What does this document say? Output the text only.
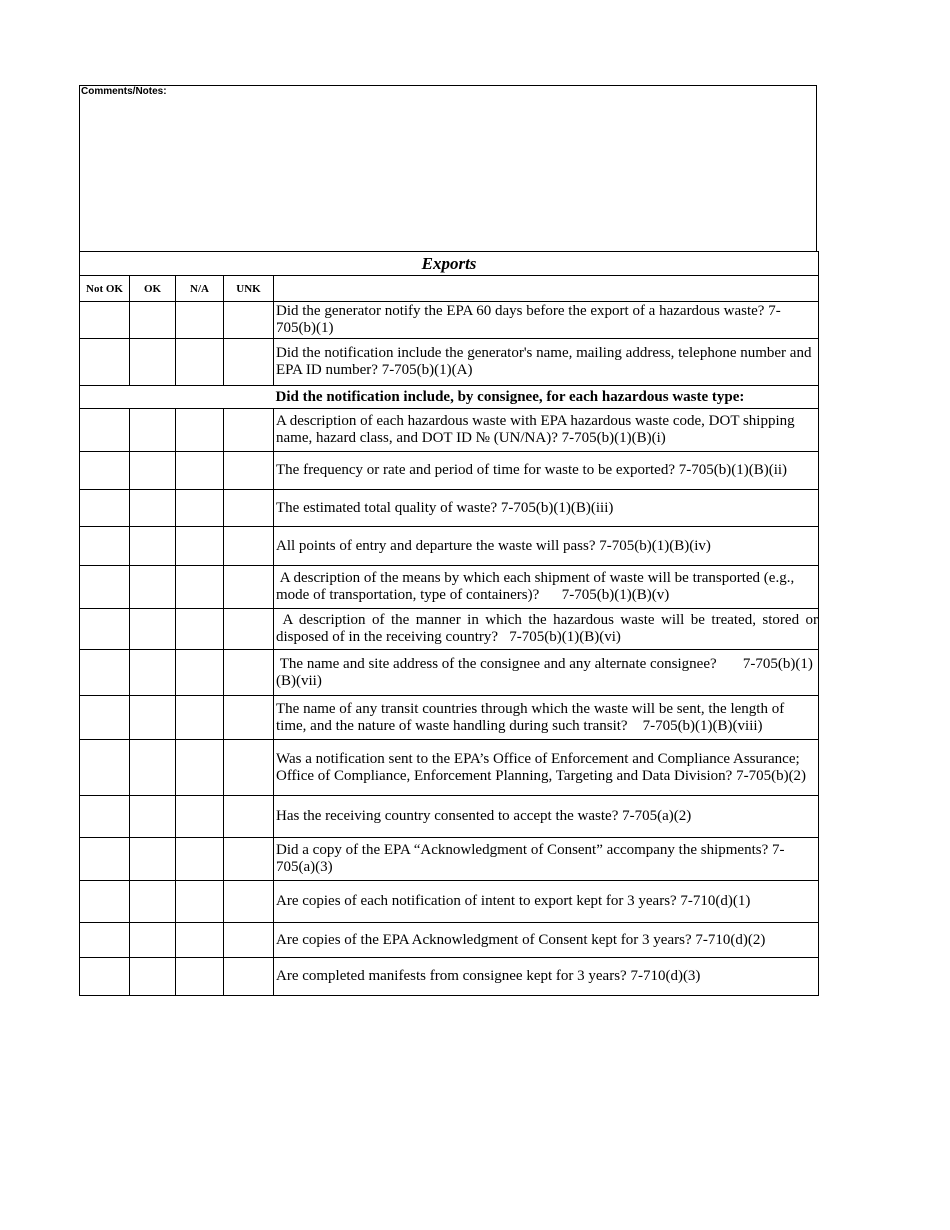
Comments/Notes:
Exports				
Not OK	OK	N/A	UNK	
				Did the generator notify the EPA 60 days before the export of a hazardous waste? 7-705(b)(1)
				Did the notification include the generator's name, mailing address, telephone number and EPA ID number? 7-705(b)(1)(A)
				Did the notification include, by consignee, for each hazardous waste type:
				A description of each hazardous waste with EPA hazardous waste code, DOT shipping name, hazard class, and DOT ID № (UN/NA)? 7-705(b)(1)(B)(i)
				The frequency or rate and period of time for waste to be exported? 7-705(b)(1)(B)(ii)
				The estimated total quality of waste? 7-705(b)(1)(B)(iii)
				All points of entry and departure the waste will pass? 7-705(b)(1)(B)(iv)
				A description of the means by which each shipment of waste will be transported (e.g., mode of transportation, type of containers)?      7-705(b)(1)(B)(v)
				A description of the manner in which the hazardous waste will be treated, stored or disposed of in the receiving country?   7-705(b)(1)(B)(vi)
				The name and site address of the consignee and any alternate consignee?       7-705(b)(1)(B)(vii)
				The name of any transit countries through which the waste will be sent, the length of time, and the nature of waste handling during such transit?    7-705(b)(1)(B)(viii)
				Was a notification sent to the EPA’s Office of Enforcement and Compliance Assurance; Office of Compliance, Enforcement Planning, Targeting and Data Division? 7-705(b)(2)
				Has the receiving country consented to accept the waste? 7-705(a)(2)
				Did a copy of the EPA “Acknowledgment of Consent” accompany the shipments? 7-705(a)(3)
				Are copies of each notification of intent to export kept for 3 years? 7-710(d)(1)
				Are copies of the EPA Acknowledgment of Consent kept for 3 years? 7-710(d)(2)
				Are completed manifests from consignee kept for 3 years? 7-710(d)(3)
